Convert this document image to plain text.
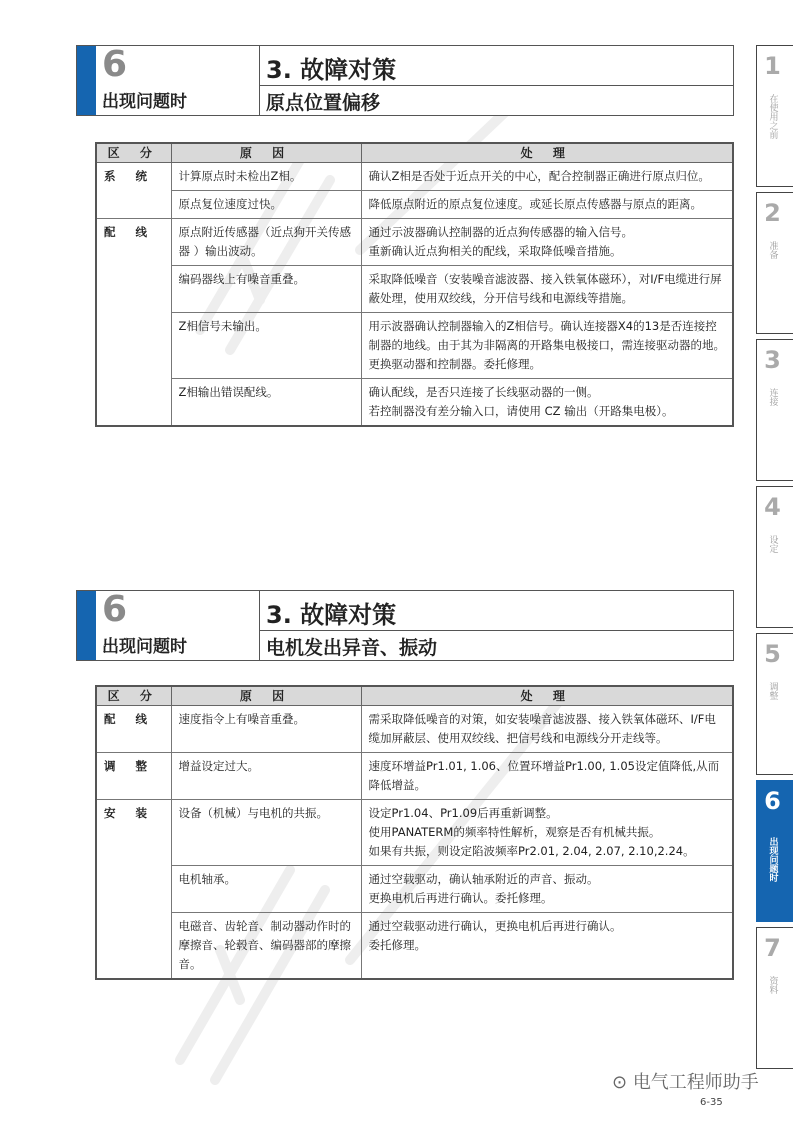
6
出现问题时
3. 故障对策
原点位置偏移
区 分	原 因	处 理
系 统	计算原点时未检出Z相。	确认Z相是否处于近点开关的中心，配合控制器正确进行原点归位。
	原点复位速度过快。	降低原点附近的原点复位速度。或延长原点传感器与原点的距离。
配 线	原点附近传感器（近点狗开关传感器 ）输出波动。	通过示波器确认控制器的近点狗传感器的输入信号。
重新确认近点狗相关的配线，采取降低噪音措施。
	编码器线上有噪音重叠。	采取降低噪音（安装噪音滤波器、接入铁氧体磁环），对I/F电缆进行屏蔽处理，使用双绞线，分开信号线和电源线等措施。
	Z相信号未输出。	用示波器确认控制器输入的Z相信号。确认连接器X4的13是否连接控制器的地线。由于其为非隔离的开路集电极接口，需连接驱动器的地。更换驱动器和控制器。委托修理。
	Z相输出错误配线。	确认配线，是否只连接了长线驱动器的一侧。
若控制器没有差分输入口，请使用 CZ 输出（开路集电极）。
6
出现问题时
3. 故障对策
电机发出异音、振动
区 分	原 因	处 理
配 线	速度指令上有噪音重叠。	需采取降低噪音的对策，如安装噪音滤波器、接入铁氧体磁环、I/F电缆加屏蔽层、使用双绞线、把信号线和电源线分开走线等。
调 整	增益设定过大。	速度环增益Pr1.01, 1.06、位置环增益Pr1.00, 1.05设定值降低,从而降低增益。
安 装	设备（机械）与电机的共振。	设定Pr1.04、Pr1.09后再重新调整。
使用PANATERM的频率特性解析，观察是否有机械共振。
如果有共振，则设定陷波频率Pr2.01, 2.04, 2.07, 2.10,2.24。
	电机轴承。	通过空载驱动，确认轴承附近的声音、振动。
更换电机后再进行确认。委托修理。
	电磁音、齿轮音、制动器动作时的摩擦音、轮毂音、编码器部的摩擦音。	通过空载驱动进行确认，更换电机后再进行确认。
委托修理。
1
在使用之前
2
准备
3
连接
4
设定
5
调整
6
出现问题时
7
资料
⊙ 电气工程师助手
6-35
